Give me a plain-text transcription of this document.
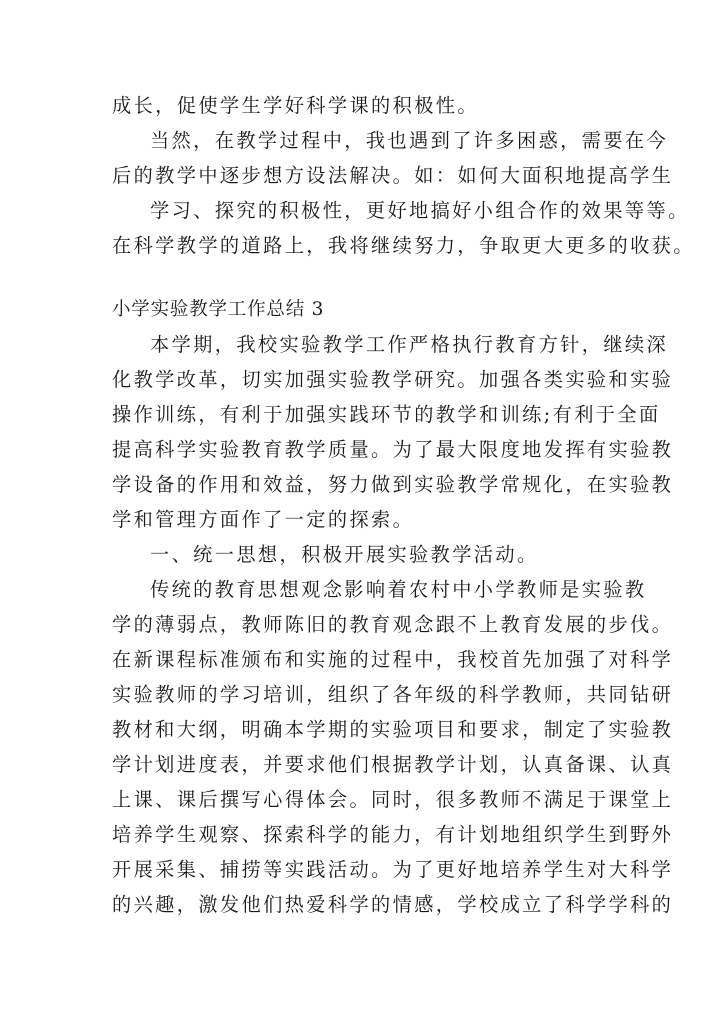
成长，促使学生学好科学课的积极性。
当然，在教学过程中，我也遇到了许多困惑，需要在今
后的教学中逐步想方设法解决。如：如何大面积地提高学生
学习、探究的积极性，更好地搞好小组合作的效果等等。
在科学教学的道路上，我将继续努力，争取更大更多的收获。
小学实验教学工作总结 3
本学期，我校实验教学工作严格执行教育方针，继续深
化教学改革，切实加强实验教学研究。加强各类实验和实验
操作训练，有利于加强实践环节的教学和训练;有利于全面
提高科学实验教育教学质量。为了最大限度地发挥有实验教
学设备的作用和效益，努力做到实验教学常规化，在实验教
学和管理方面作了一定的探索。
一、统一思想，积极开展实验教学活动。
传统的教育思想观念影响着农村中小学教师是实验教
学的薄弱点，教师陈旧的教育观念跟不上教育发展的步伐。
在新课程标准颁布和实施的过程中，我校首先加强了对科学
实验教师的学习培训，组织了各年级的科学教师，共同钻研
教材和大纲，明确本学期的实验项目和要求，制定了实验教
学计划进度表，并要求他们根据教学计划，认真备课、认真
上课、课后撰写心得体会。同时，很多教师不满足于课堂上
培养学生观察、探索科学的能力，有计划地组织学生到野外
开展采集、捕捞等实践活动。为了更好地培养学生对大科学
的兴趣，激发他们热爱科学的情感，学校成立了科学学科的
